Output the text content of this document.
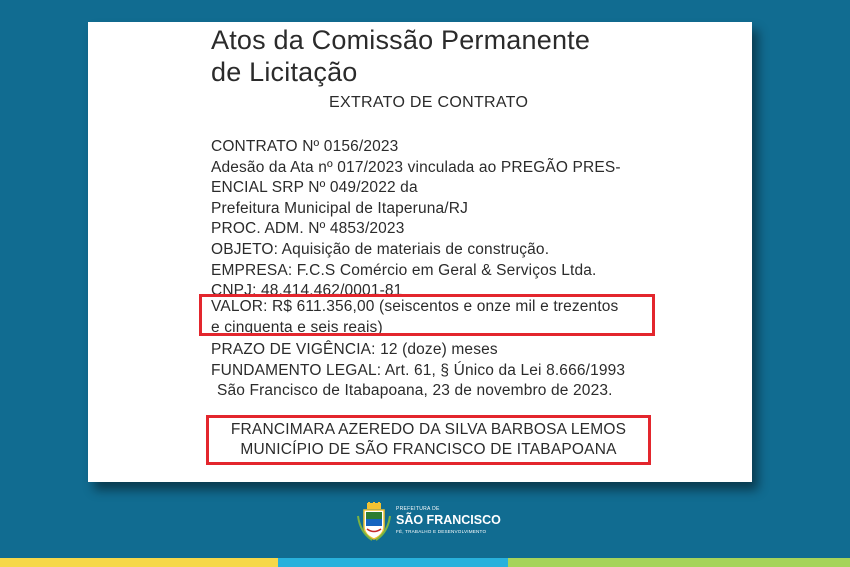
Atos da Comissão Permanente
de Licitação
EXTRATO DE CONTRATO
CONTRATO Nº 0156/2023
Adesão da Ata nº 017/2023 vinculada ao PREGÃO PRES-
ENCIAL SRP Nº 049/2022 da
Prefeitura Municipal de Itaperuna/RJ
PROC. ADM. Nº 4853/2023
OBJETO: Aquisição de materiais de construção.
EMPRESA: F.C.S Comércio em Geral & Serviços Ltda.
CNPJ: 48.414.462/0001-81
VALOR: R$ 611.356,00 (seiscentos e onze mil e trezentos
e cinquenta e seis reais)
PRAZO DE VIGÊNCIA: 12 (doze) meses
FUNDAMENTO LEGAL: Art. 61, § Único da Lei 8.666/1993
São Francisco de Itabapoana, 23 de novembro de 2023.
FRANCIMARA AZEREDO DA SILVA BARBOSA LEMOS
MUNICÍPIO DE SÃO FRANCISCO DE ITABAPOANA
PREFEITURA DE
SÃO FRANCISCO
FÉ, TRABALHO E DESENVOLVIMENTO
